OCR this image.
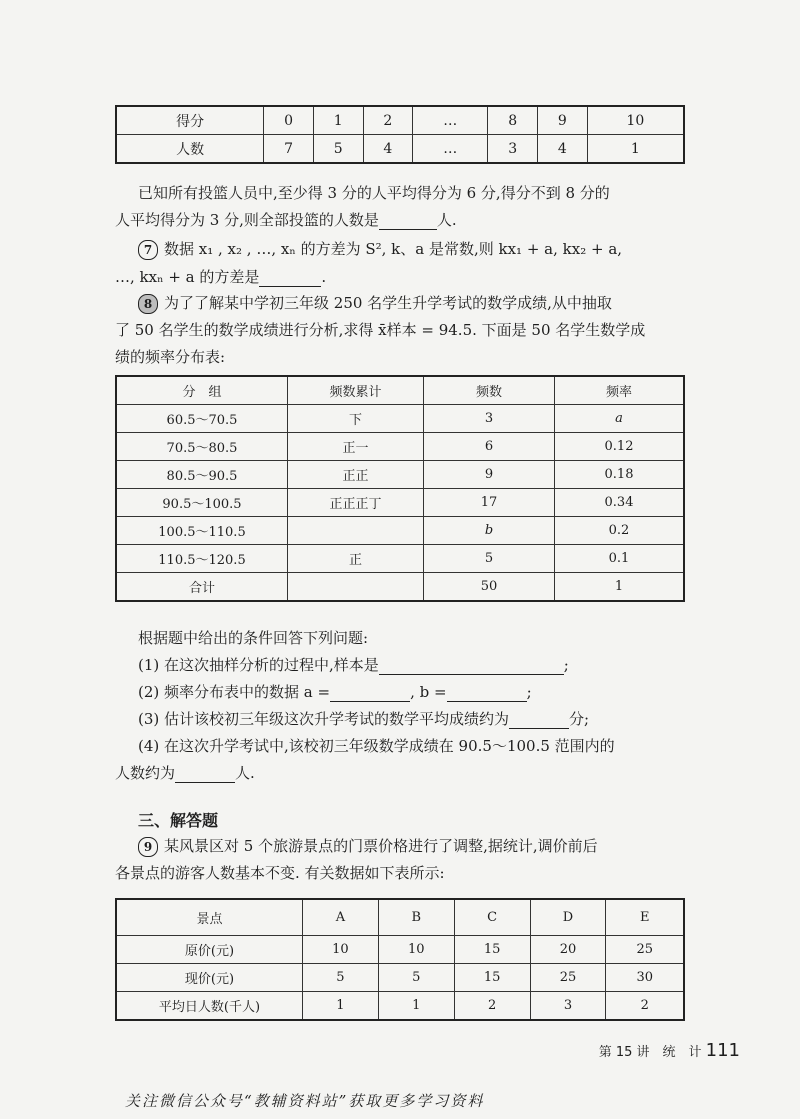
得分	0	1	2	…	8	9	10
人数	7	5	4	…	3	4	1
已知所有投篮人员中,至少得 3 分的人平均得分为 6 分,得分不到 8 分的
人平均得分为 3 分,则全部投篮的人数是	人.
7 数据 x₁ , x₂ , …, xₙ 的方差为 S², k、a 是常数,则 kx₁ + a, kx₂ + a,
…, kxₙ + a 的方差是	.
8 为了了解某中学初三年级 250 名学生升学考试的数学成绩,从中抽取
了 50 名学生的数学成绩进行分析,求得 x̄样本 = 94.5. 下面是 50 名学生数学成
绩的频率分布表:
分　组	频数累计	频数	频率
60.5～70.5	下	3	a
70.5～80.5	正一	6	0.12
80.5～90.5	正正	9	0.18
90.5～100.5	正正正丁	17	0.34
100.5～110.5		b	0.2
110.5～120.5	正	5	0.1
合计		50	1
根据题中给出的条件回答下列问题:
(1) 在这次抽样分析的过程中,样本是	;
(2) 频率分布表中的数据 a =	, b =	;
(3) 估计该校初三年级这次升学考试的数学平均成绩约为	分;
(4) 在这次升学考试中,该校初三年级数学成绩在 90.5～100.5 范围内的
人数约为	人.
三、解答题
9 某风景区对 5 个旅游景点的门票价格进行了调整,据统计,调价前后
各景点的游客人数基本不变. 有关数据如下表所示:
景点	A	B	C	D	E
原价(元)	10	10	15	20	25
现价(元)	5	5	15	25	30
平均日人数(千人)	1	1	2	3	2
第 15 讲　统　计 111
关注微信公众号“教辅资料站”获取更多学习资料
